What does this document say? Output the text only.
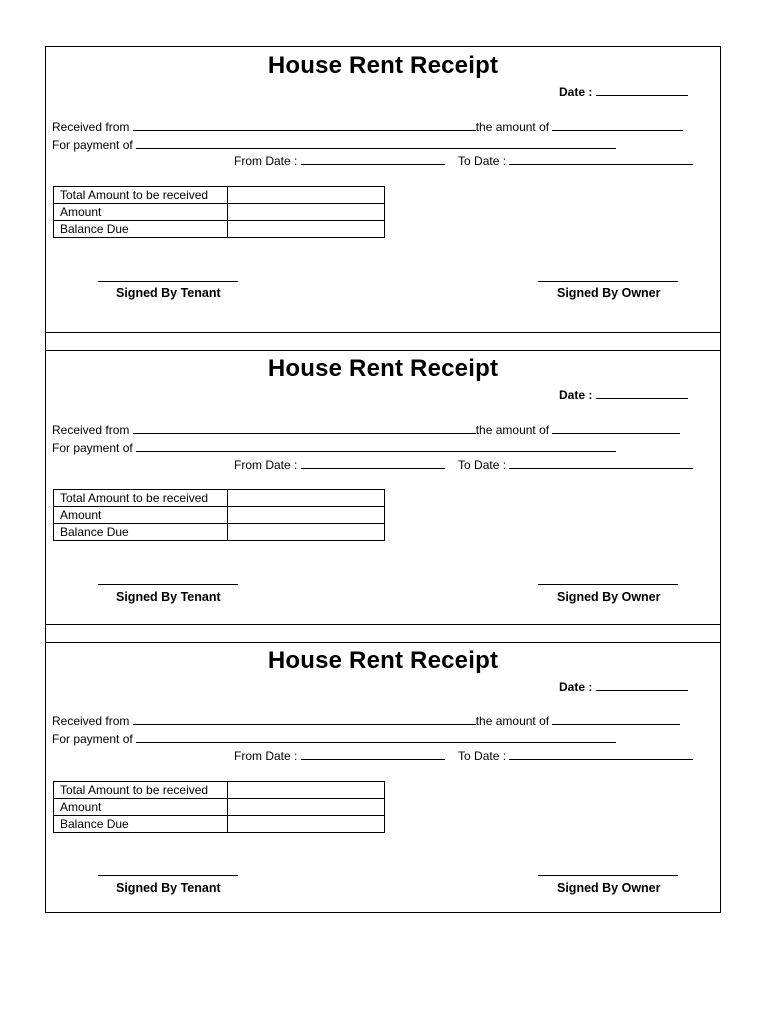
House Rent Receipt
Date :
Received from	the amount of
For payment of
From Date :	To Date :
Total Amount to be received	
Amount	
Balance Due	
Signed By Tenant	Signed By Owner
House Rent Receipt
Date :
Received from	the amount of
For payment of
From Date :	To Date :
Total Amount to be received	
Amount	
Balance Due	
Signed By Tenant	Signed By Owner
House Rent Receipt
Date :
Received from	the amount of
For payment of
From Date :	To Date :
Total Amount to be received	
Amount	
Balance Due	
Signed By Tenant	Signed By Owner
